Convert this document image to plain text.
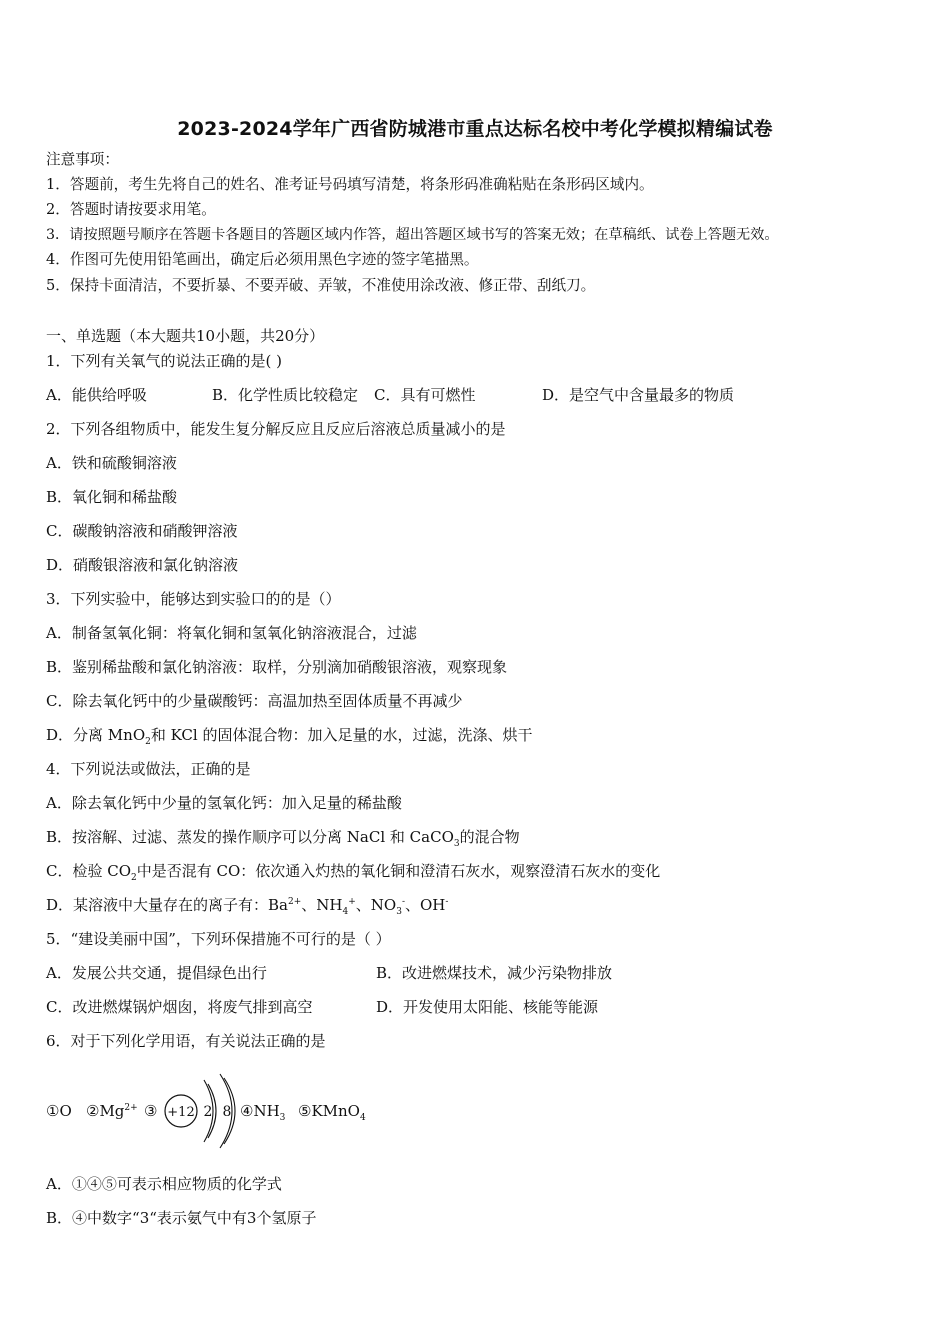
2023-2024学年广西省防城港市重点达标名校中考化学模拟精编试卷
注意事项：
1．答题前，考生先将自己的姓名、准考证号码填写清楚，将条形码准确粘贴在条形码区域内。
2．答题时请按要求用笔。
3．请按照题号顺序在答题卡各题目的答题区域内作答，超出答题区域书写的答案无效；在草稿纸、试卷上答题无效。
4．作图可先使用铅笔画出，确定后必须用黑色字迹的签字笔描黑。
5．保持卡面清洁，不要折暴、不要弄破、弄皱，不准使用涂改液、修正带、刮纸刀。
一、单选题（本大题共10小题，共20分）
1．下列有关氧气的说法正确的是( )
A．能供给呼吸	B．化学性质比较稳定 C．具有可燃性	D．是空气中含量最多的物质
2．下列各组物质中，能发生复分解反应且反应后溶液总质量减小的是
A．铁和硫酸铜溶液
B．氧化铜和稀盐酸
C．碳酸钠溶液和硝酸钾溶液
D．硝酸银溶液和氯化钠溶液
3．下列实验中，能够达到实验口的的是（）
A．制备氢氧化铜：将氧化铜和氢氧化钠溶液混合，过滤
B．鉴别稀盐酸和氯化钠溶液：取样，分别滴加硝酸银溶液，观察现象
C．除去氧化钙中的少量碳酸钙：高温加热至固体质量不再减少
D．分离 MnO$_2$和 KCl 的固体混合物：加入足量的水，过滤，洗涤、烘干
4．下列说法或做法，正确的是
A．除去氧化钙中少量的氢氧化钙：加入足量的稀盐酸
B．按溶解、过滤、蒸发的操作顺序可以分离 NaCl 和 CaCO$_3$的混合物
C．检验 $CO_2$中是否混有 CO：依次通入灼热的氧化铜和澄清石灰水，观察澄清石灰水的变化
D．某溶液中大量存在的离子有：$Ba^{2+}$、$NH_4^+$、$NO_3^-$、OH-
5．“建设美丽中国”，下列环保措施不可行的是（ ）
A．发展公共交通，提倡绿色出行	B．改进燃煤技术，减少污染物排放
C．改进燃煤锅炉烟囱，将废气排到高空	D．开发使用太阳能、核能等能源
6．对于下列化学用语，有关说法正确的是
①O $②Mg^{2+}$ ③ +12 2 8 $④NH_3$ ⑤KMnO$_4$
A．①④⑤可表示相应物质的化学式
B．④中数字“3“表示氨气中有3个氢原子
